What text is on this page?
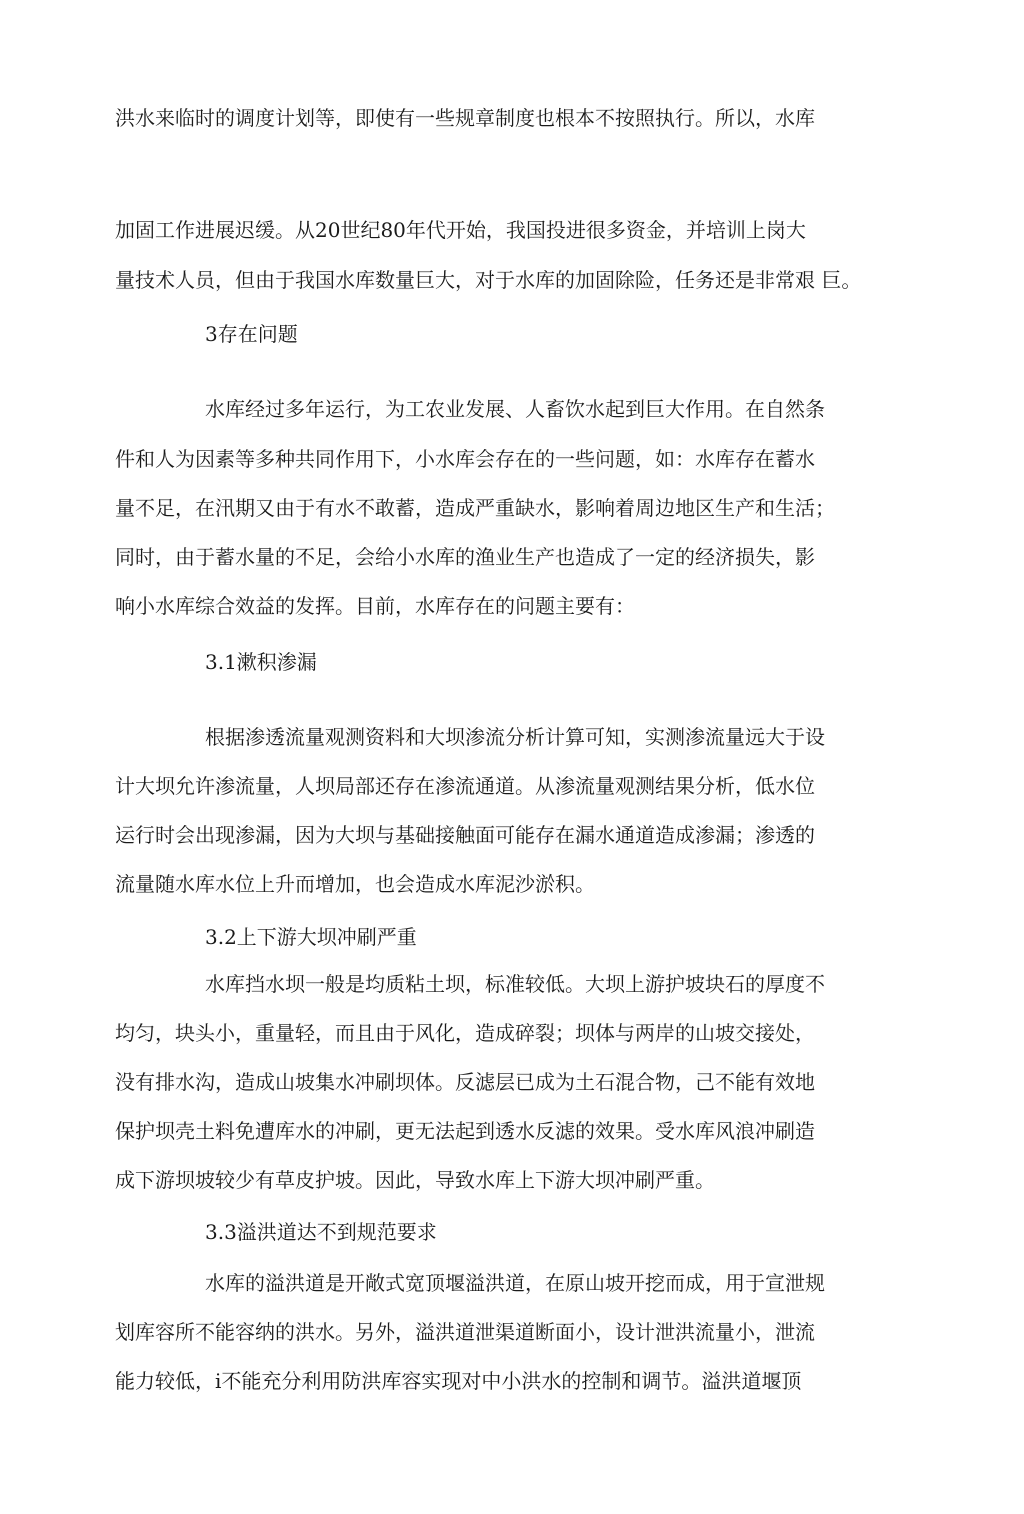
洪水来临时的调度计划等，即使有一些规章制度也根本不按照执行。所以，水库

加固工作进展迟缓。从20世纪80年代开始，我国投进很多资金，并培训上岗大

量技术人员，但由于我国水库数量巨大，对于水库的加固除险，任务还是非常艰 巨。

3存在问题

水库经过多年运行，为工农业发展、人畜饮水起到巨大作用。在自然条

件和人为因素等多种共同作用下，小水库会存在的一些问题，如：水库存在蓄水

量不足，在汛期又由于有水不敢蓄，造成严重缺水，影响着周边地区生产和生活；

同时，由于蓄水量的不足，会给小水库的渔业生产也造成了一定的经济损失，影

响小水库综合效益的发挥。目前，水库存在的问题主要有：

3.1漱积渗漏

根据渗透流量观测资料和大坝渗流分析计算可知，实测渗流量远大于设

计大坝允许渗流量，人坝局部还存在渗流通道。从渗流量观测结果分析，低水位

运行时会出现渗漏，因为大坝与基础接触面可能存在漏水通道造成渗漏；渗透的

流量随水库水位上升而增加，也会造成水库泥沙淤积。

3.2上下游大坝冲刷严重

水库挡水坝一般是均质粘土坝，标准较低。大坝上游护坡块石的厚度不

均匀，块头小，重量轻，而且由于风化，造成碎裂；坝体与两岸的山坡交接处，

没有排水沟，造成山坡集水冲刷坝体。反滤层已成为土石混合物，己不能有效地

保护坝壳土料免遭库水的冲刷，更无法起到透水反滤的效果。受水库风浪冲刷造

成下游坝坡较少有草皮护坡。因此，导致水库上下游大坝冲刷严重。

3.3溢洪道达不到规范要求

水库的溢洪道是开敞式宽顶堰溢洪道，在原山坡开挖而成，用于宣泄规

划库容所不能容纳的洪水。另外，溢洪道泄渠道断面小，设计泄洪流量小，泄流

能力较低，i不能充分利用防洪库容实现对中小洪水的控制和调节。溢洪道堰顶
